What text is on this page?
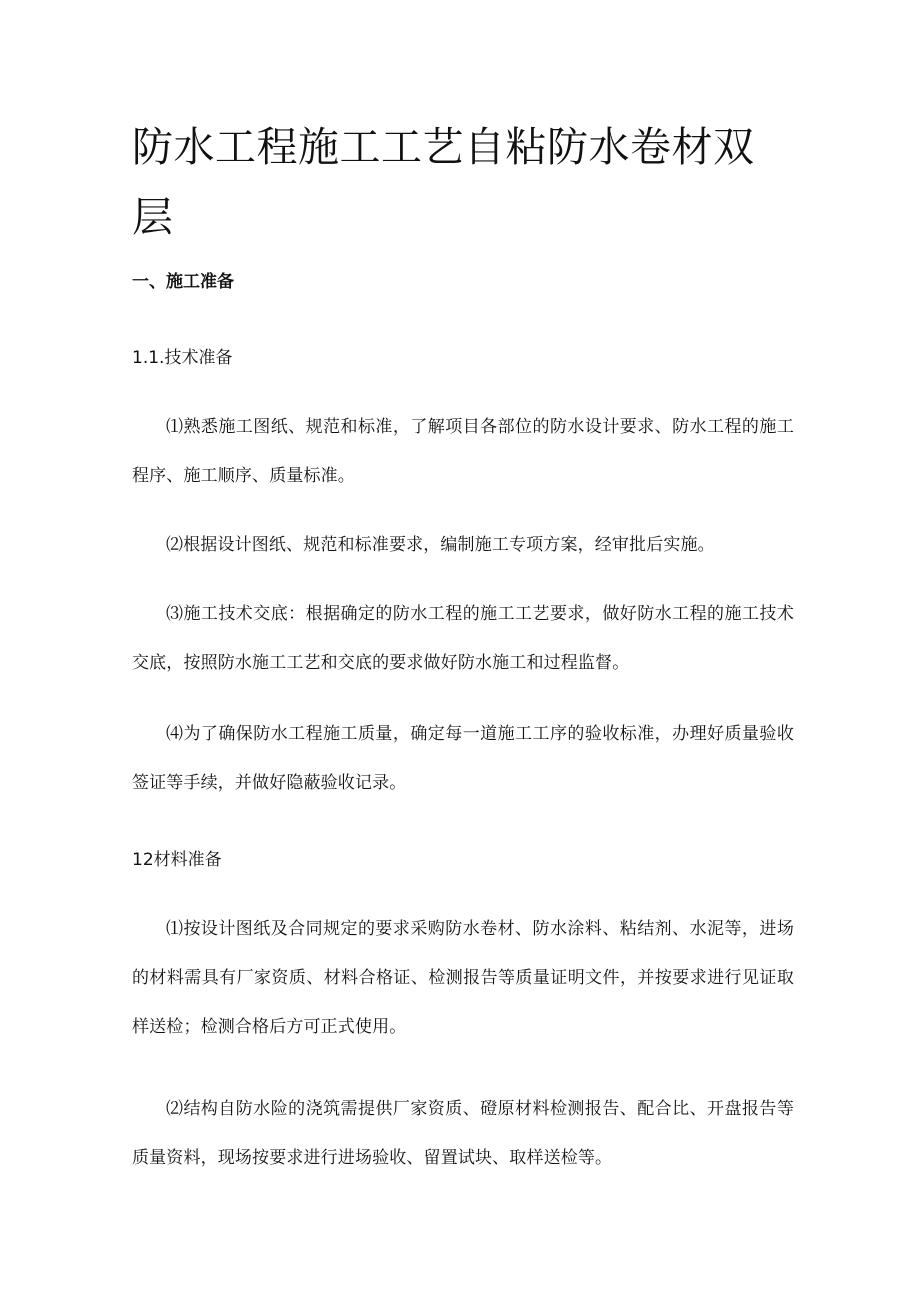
防水工程施工工艺自粘防水卷材双层
一、施工准备
1.1.技术准备

⑴熟悉施工图纸、规范和标准，了解项目各部位的防水设计要求、防水工程的施工程序、施工顺序、质量标准。

⑵根据设计图纸、规范和标准要求，编制施工专项方案，经审批后实施。

⑶施工技术交底：根据确定的防水工程的施工工艺要求，做好防水工程的施工技术交底，按照防水施工工艺和交底的要求做好防水施工和过程监督。

⑷为了确保防水工程施工质量，确定每一道施工工序的验收标准，办理好质量验收签证等手续，并做好隐蔽验收记录。

12材料准备

⑴按设计图纸及合同规定的要求采购防水卷材、防水涂料、粘结剂、水泥等，进场的材料需具有厂家资质、材料合格证、检测报告等质量证明文件，并按要求进行见证取样送检；检测合格后方可正式使用。

⑵结构自防水险的浇筑需提供厂家资质、磴原材料检测报告、配合比、开盘报告等质量资料，现场按要求进行进场验收、留置试块、取样送检等。
